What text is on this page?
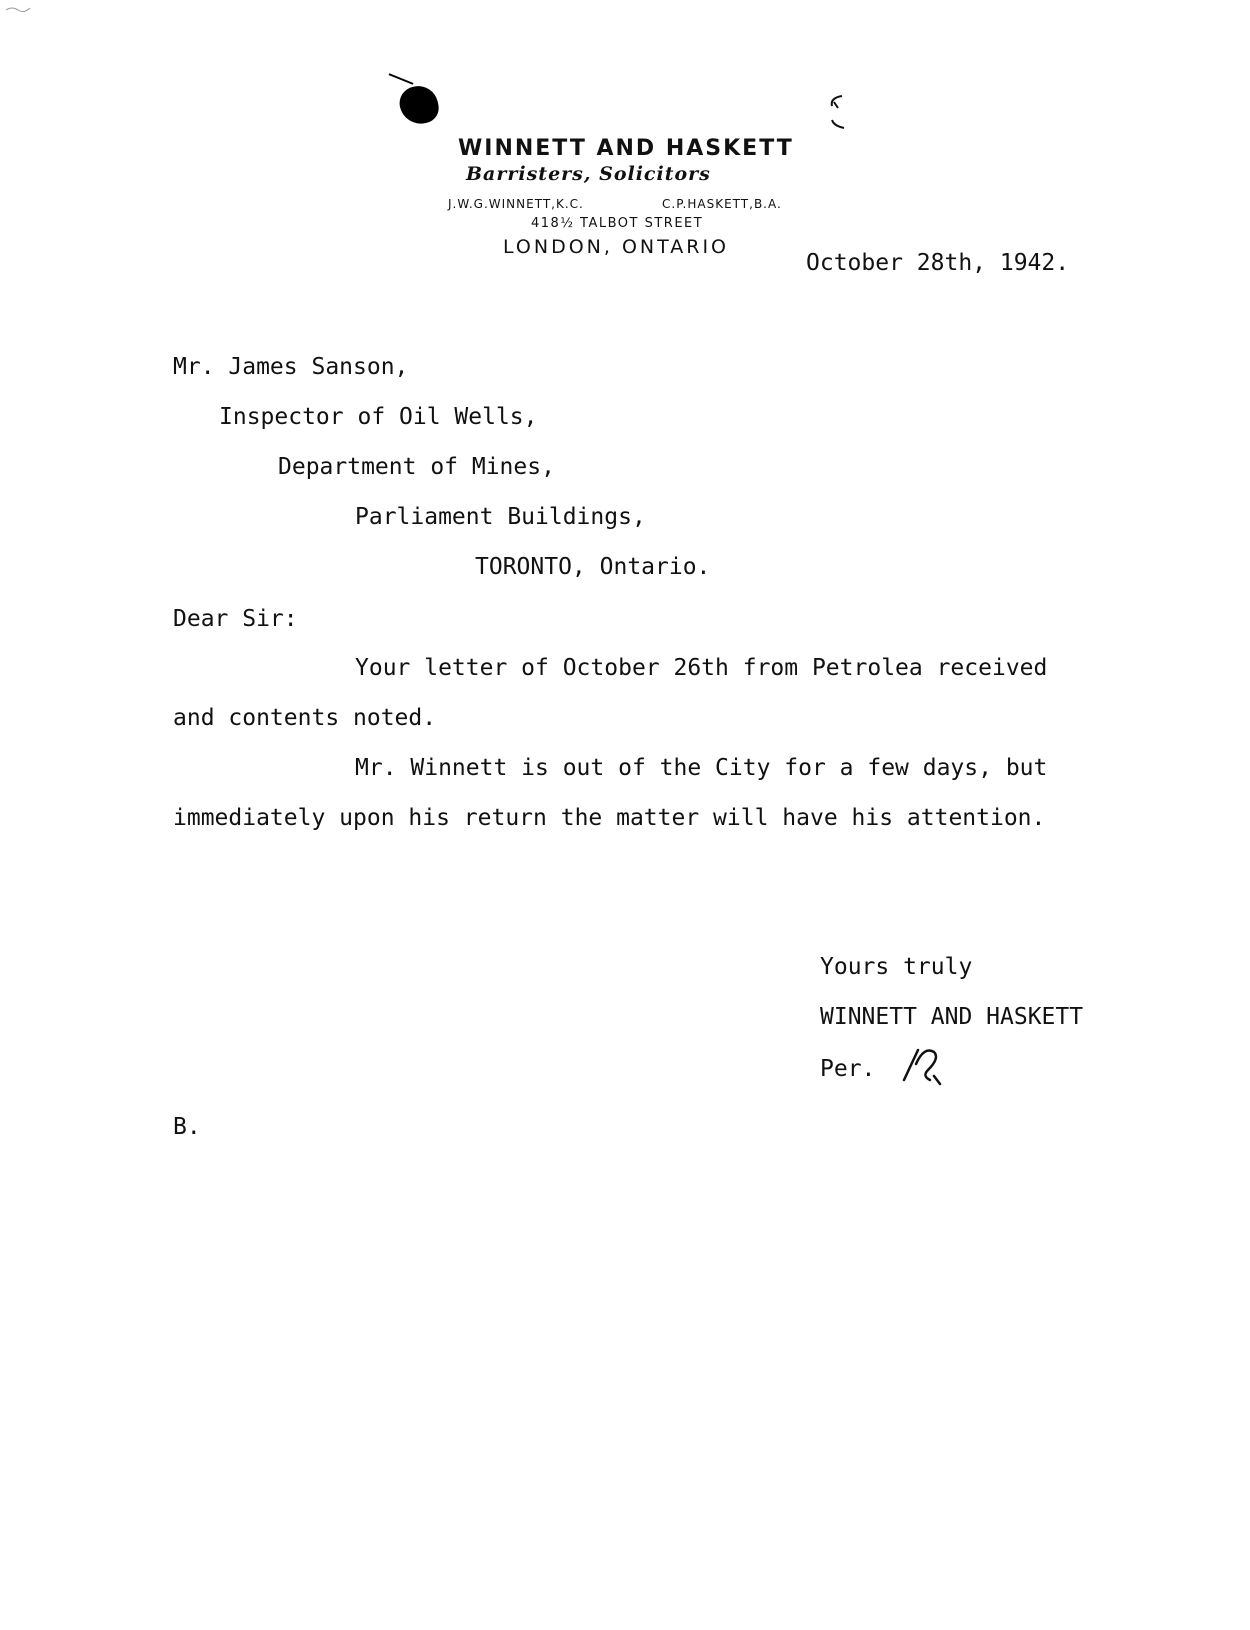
WINNETT AND HASKETT
Barristers, Solicitors
J.W.G.WINNETT,K.C.	C.P.HASKETT,B.A.
418½ TALBOT STREET
LONDON, ONTARIO
October 28th, 1942.
Mr. James Sanson,
Inspector of Oil Wells,
Department of Mines,
Parliament Buildings,
TORONTO, Ontario.
Dear Sir:
Your letter of October 26th from Petrolea received
and contents noted.
Mr. Winnett is out of the City for a few days, but
immediately upon his return the matter will have his attention.
Yours truly
WINNETT AND HASKETT
Per.
B.
